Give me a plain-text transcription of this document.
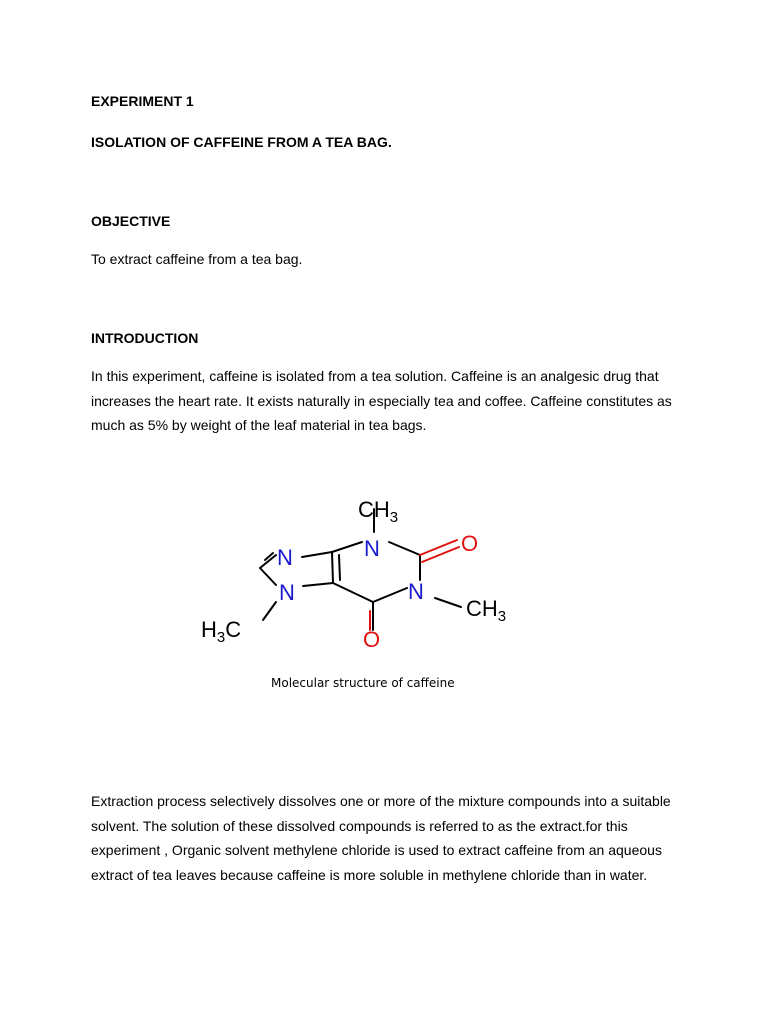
EXPERIMENT 1
ISOLATION OF CAFFEINE FROM A TEA BAG.
OBJECTIVE
To extract caffeine from a tea bag.
INTRODUCTION
In this experiment, caffeine is isolated from a tea solution. Caffeine is an analgesic drug that increases the heart rate. It exists naturally in especially tea and coffee. Caffeine constitutes as much as 5% by weight of the leaf material in tea bags.
$CH_3$
N	O
N
$CH_3$
O
N
N
$H_3C$
Molecular structure of caffeine
Extraction process selectively dissolves one or more of the mixture compounds into a suitable solvent. The solution of these dissolved compounds is referred to as the extract.for this experiment , Organic solvent methylene chloride is used to extract caffeine from an aqueous extract of tea leaves because caffeine is more soluble in methylene chloride than in water.
